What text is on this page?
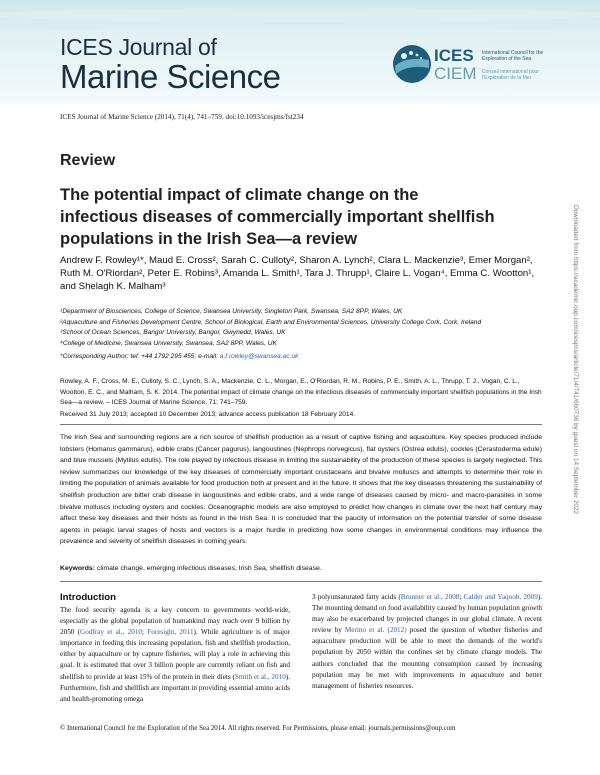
ICES Journal of
Marine Science
ICES
CIEM
International Council for the Exploration of the Sea
Conseil International pour l'Exploration de la Mer
ICES Journal of Marine Science (2014), 71(4), 741–759. doi:10.1093/icesjms/fst234
Review
The potential impact of climate change on the infectious diseases of commercially important shellfish populations in the Irish Sea—a review
Andrew F. Rowley¹*, Maud E. Cross², Sarah C. Culloty², Sharon A. Lynch², Clara L. Mackenzie³, Emer Morgan², Ruth M. O'Riordan², Peter E. Robins³, Amanda L. Smith¹, Tara J. Thrupp¹, Claire L. Vogan⁴, Emma C. Wootton¹, and Shelagh K. Malham³
¹Department of Biosciences, College of Science, Swansea University, Singleton Park, Swansea, SA2 8PP, Wales, UK
²Aquaculture and Fisheries Development Centre, School of Biological, Earth and Environmental Sciences, University College Cork, Cork, Ireland
³School of Ocean Sciences, Bangor University, Bangor, Gwynedd, Wales, UK
⁴College of Medicine, Swansea University, Swansea, SA2 8PP, Wales, UK
*Corresponding Author: tel: +44 1792 295 455; e-mail: a.f.rowley@swansea.ac.uk
Rowley, A. F., Cross, M. E., Culloty, S. C., Lynch, S. A., Mackenzie, C. L., Morgan, E., O'Riordan, R. M., Robins, P. E., Smith, A. L., Thrupp, T. J., Vogan, C. L., Wootton, E. C., and Malham, S. K. 2014. The potential impact of climate change on the infectious diseases of commercially important shellfish populations in the Irish Sea—a review. – ICES Journal of Marine Science, 71: 741–759.
Received 31 July 2013; accepted 10 December 2013; advance access publication 18 February 2014.

The Irish Sea and surrounding regions are a rich source of shellfish production as a result of captive fishing and aquaculture. Key species produced include lobsters (Homarus gammarus), edible crabs (Cancer pagurus), langoustines (Nephrops norvegicus), flat oysters (Ostrea edulis), cockles (Cerastoderma edule) and blue mussels (Mytilus edulis). The role played by infectious disease in limiting the sustainability of the production of these species is largely neglected. This review summarizes our knowledge of the key diseases of commercially important crustaceans and bivalve molluscs and attempts to determine their role in limiting the population of animals available for food production both at present and in the future. It shows that the key diseases threatening the sustainability of shellfish production are bitter crab disease in langoustines and edible crabs, and a wide range of diseases caused by micro- and macro-parasites in some bivalve molluscs including oysters and cockles. Oceanographic models are also employed to predict how changes in climate over the next half century may affect these key diseases and their hosts as found in the Irish Sea. It is concluded that the paucity of information on the potential transfer of some disease agents in pelagic larval stages of hosts and vectors is a major hurdle in predicting how some changes in environmental conditions may influence the prevalence and severity of shellfish diseases in coming years.

Keywords: climate change, emerging infectious diseases, Irish Sea, shellfish disease.
Introduction

The food security agenda is a key concern to governments world-wide, especially as the global population of humankind may reach over 9 billion by 2050 (Godfray et al., 2010; Foresight, 2011). While agriculture is of major importance in feeding this increasing population, fish and shellfish production, either by aquaculture or by capture fisheries, will play a role in achieving this goal. It is estimated that over 3 billion people are currently reliant on fish and shellfish to provide at least 15% of the protein in their diets (Smith et al., 2010). Furthermore, fish and shellfish are important in providing essential amino acids and health-promoting omega

3 polyunsaturated fatty acids (Brunner et al., 2008; Calder and Yaqoob, 2009). The mounting demand on food availability caused by human population growth may also be exacerbated by projected changes in our global climate. A recent review by Merino et al. (2012) posed the question of whether fisheries and aquaculture production will be able to meet the demands of the world's population by 2050 within the confines set by climate change models. The authors concluded that the mounting consumption caused by increasing population may be met with improvements in aquaculture and better management of fisheries resources.

© International Council for the Exploration of the Sea 2014. All rights reserved. For Permissions, please email: journals.permissions@oup.com
Downloaded from https://academic.oup.com/icesjms/article/71/4/741/660736 by guest on 14 September 2022
